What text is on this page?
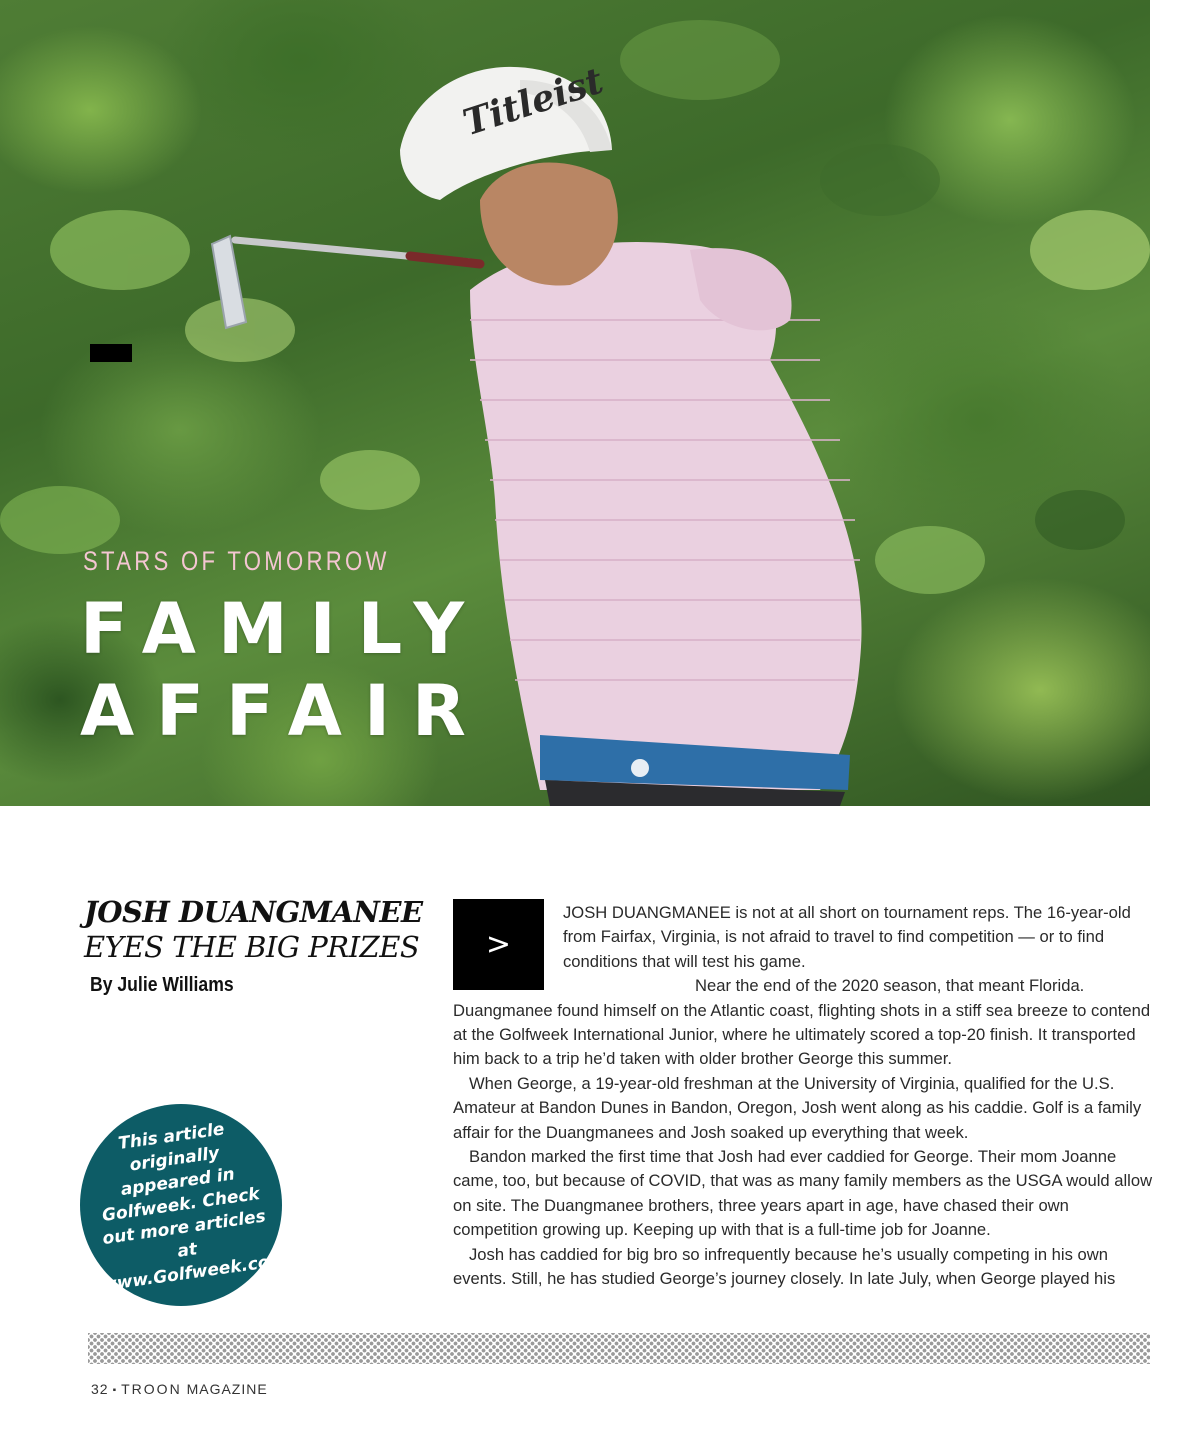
Titleist
STARS OF TOMORROW
FAMILY
AFFAIR
JOSH DUANGMANEE
EYES THE BIG PRIZES
By Julie Williams
This article originally appeared in Golfweek. Check out more articles at www.Golfweek.com.
>

JOSH DUANGMANEE is not at all short on tournament reps. The 16-year-old from Fairfax, Virginia, is not afraid to travel to find competition — or to find conditions that will test his game.

Near the end of the 2020 season, that meant Florida. Duangmanee found himself on the Atlantic coast, flighting shots in a stiff sea breeze to contend at the Golfweek International Junior, where he ultimately scored a top-20 finish. It transported him back to a trip he’d taken with older brother George this summer.

When George, a 19-year-old freshman at the University of Virginia, qualified for the U.S. Amateur at Bandon Dunes in Bandon, Oregon, Josh went along as his caddie. Golf is a family affair for the Duangmanees and Josh soaked up everything that week.

Bandon marked the first time that Josh had ever caddied for George. Their mom Joanne came, too, but because of COVID, that was as many family members as the USGA would allow on site. The Duangmanee brothers, three years apart in age, have chased their own competition growing up. Keeping up with that is a full-time job for Joanne.

Josh has caddied for big bro so infrequently because he’s usually competing in his own events. Still, he has studied George’s journey closely. In late July, when George played his

32 ▪ TROON MAGAZINE
